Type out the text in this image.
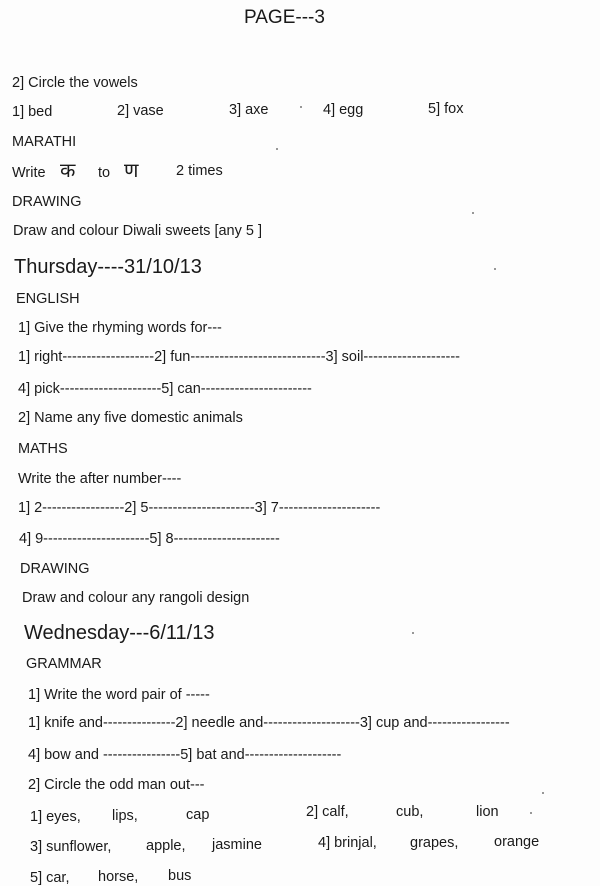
PAGE---3
2] Circle the vowels
1] bed	2] vase	3] axe	4] egg	5] fox
MARATHI
Write क to ण	2 times
DRAWING
Draw and colour Diwali sweets [any 5 ]
Thursday----31/10/13
ENGLISH
1] Give the rhyming words for---
1] right-------------------2] fun----------------------------3] soil--------------------
4] pick---------------------5] can-----------------------
2] Name any five domestic animals
MATHS
Write the after number----
1] 2-----------------2] 5----------------------3] 7---------------------
4] 9----------------------5] 8----------------------
DRAWING
Draw and colour any rangoli design
Wednesday---6/11/13
GRAMMAR
1] Write the word pair of -----
1] knife and---------------2] needle and--------------------3] cup and-----------------
4] bow and ----------------5] bat and--------------------
2] Circle the odd man out---
1] eyes, lips,	cap	2] calf,	cub,	lion
3] sunflower, apple, jasmine	4] brinjal, grapes, orange
5] car, horse, bus
